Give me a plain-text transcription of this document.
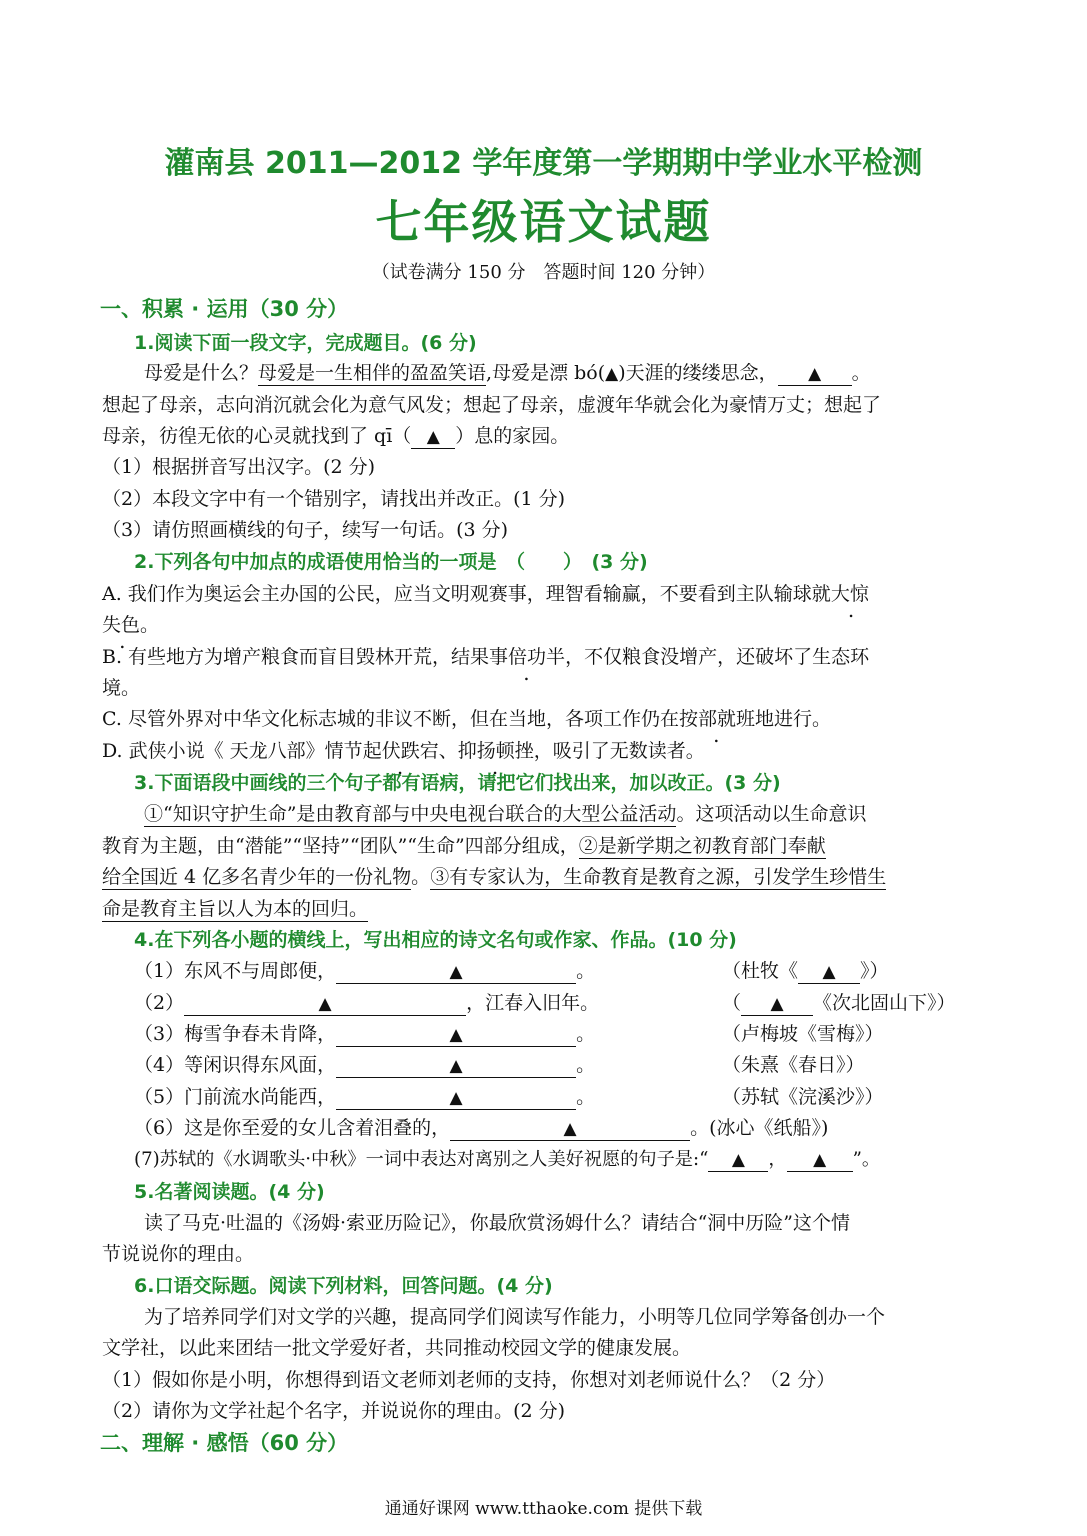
灌南县 2011—2012 学年度第一学期期中学业水平检测
七年级语文试题
（试卷满分 150 分　答题时间 120 分钟）
一、积累 · 运用（30 分）
1.阅读下面一段文字，完成题目。(6 分)
母爱是什么？母爱是一生相伴的盈盈笑语,母爱是漂 bó(▲)天涯的缕缕思念， ▲ 。
想起了母亲，志向消沉就会化为意气风发；想起了母亲，虚渡年华就会化为豪情万丈；想起了
母亲，彷徨无依的心灵就找到了 qī（ ▲ ）息的家园。
（1）根据拼音写出汉字。(2 分)
（2）本段文字中有一个错别字，请找出并改正。(1 分)
（3）请仿照画横线的句子，续写一句话。(3 分)
2.下列各句中加点的成语使用恰当的一项是　（　　）　(3 分)
A. 我们作为奥运会主办国的公民，应当文明观赛事，理智看输赢，不要看到主队输球就大惊
失色。
B. 有些地方为增产粮食而盲目毁林开荒，结果事倍功半，不仅粮食没增产，还破坏了生态环
境。
C. 尽管外界对中华文化标志城的非议不断，但在当地，各项工作仍在按部就班地进行。
D. 武侠小说《 天龙八部》情节起伏跌宕、抑扬顿挫，吸引了无数读者。
3.下面语段中画线的三个句子都有语病，请把它们找出来，加以改正。(3 分)
①“知识守护生命”是由教育部与中央电视台联合的大型公益活动。这项活动以生命意识
教育为主题，由“潜能”“坚持”“团队”“生命”四部分组成，②是新学期之初教育部门奉献
给全国近 4 亿多名青少年的一份礼物。③有专家认为，生命教育是教育之源，引发学生珍惜生
命是教育主旨以人为本的回归。
4.在下列各小题的横线上，写出相应的诗文名句或作家、作品。(10 分)
（1）东风不与周郎便，	▲	。	（杜牧《 ▲ 》）
（2）	▲	，江春入旧年。	（ ▲ 《次北固山下》）
（3）梅雪争春未肯降，	▲	。	（卢梅坡《雪梅》）
（4）等闲识得东风面，	▲	。	（朱熹《春日》）
（5）门前流水尚能西，	▲	。	（苏轼《浣溪沙》）
（6）这是你至爱的女儿含着泪叠的，	▲	。(冰心《纸船》)
(7)苏轼的《水调歌头·中秋》一词中表达对离别之人美好祝愿的句子是:“ ▲ ， ▲ ”。
5.名著阅读题。(4 分)
读了马克·吐温的《汤姆·索亚历险记》，你最欣赏汤姆什么？请结合“洞中历险”这个情
节说说你的理由。
6.口语交际题。阅读下列材料，回答问题。(4 分)
为了培养同学们对文学的兴趣，提高同学们阅读写作能力，小明等几位同学筹备创办一个
文学社，以此来团结一批文学爱好者，共同推动校园文学的健康发展。
（1）假如你是小明，你想得到语文老师刘老师的支持，你想对刘老师说什么？（2 分）
（2）请你为文学社起个名字，并说说你的理由。(2 分)
二、理解 · 感悟（60 分）
通通好课网 www.tthaoke.com 提供下载
